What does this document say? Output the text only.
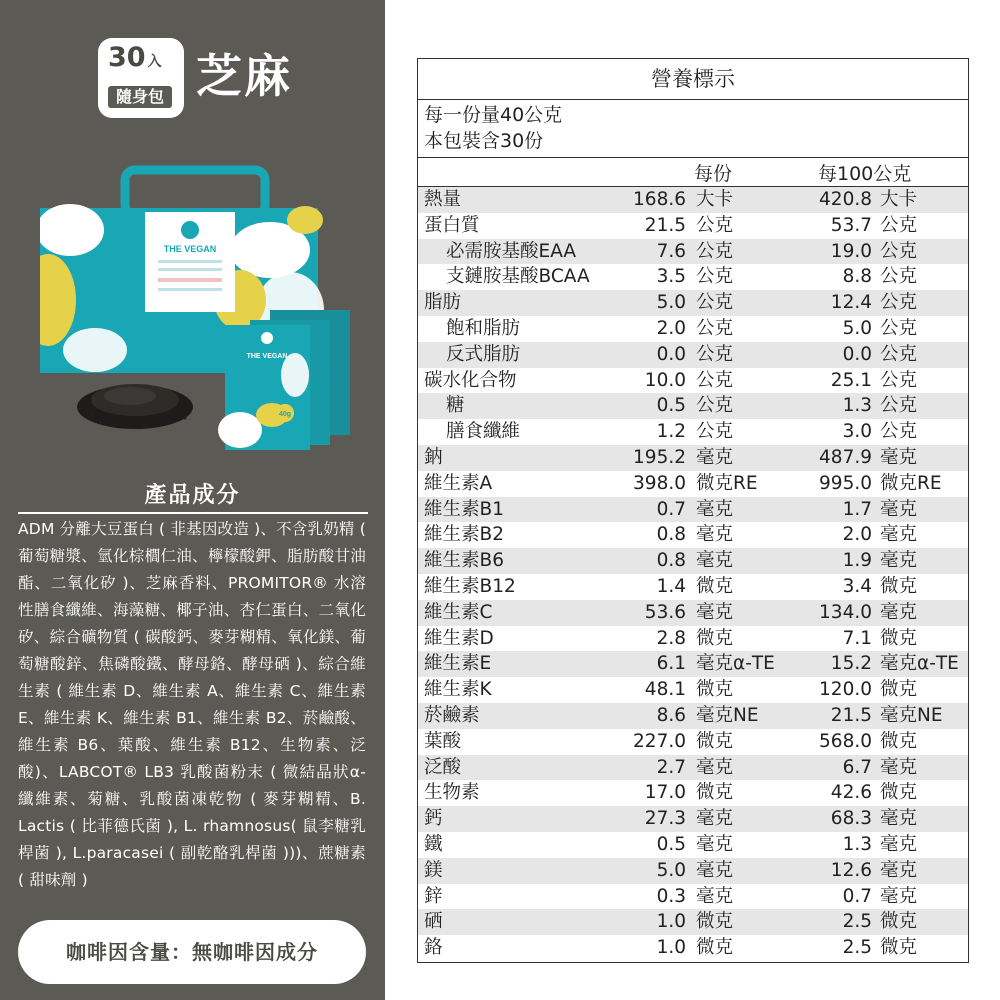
30 入
隨身包 芝麻
THE VEGAN
40g
THE VEGAN
產品成分
ADM 分離大豆蛋白 ( 非基因改造 )、不含乳奶精 ( 葡萄糖漿、氫化棕櫚仁油、檸檬酸鉀、脂肪酸甘油酯、二氧化矽 )、芝麻香料、PROMITOR® 水溶性膳食纖維、海藻糖、椰子油、杏仁蛋白、二氧化矽、綜合礦物質 ( 碳酸鈣、麥芽糊精、氧化鎂、葡萄糖酸鋅、焦磷酸鐵、酵母鉻、酵母硒 )、綜合維生素 ( 維生素 D、維生素 A、維生素 C、維生素 E、維生素 K、維生素 B1、維生素 B2、菸鹼酸、維生素 B6、葉酸、維生素 B12、生物素、泛酸)、LABCOT® LB3 乳酸菌粉末 ( 微結晶狀α- 纖維素、菊糖、乳酸菌凍乾物 ( 麥芽糊精、B. Lactis ( 比菲德氏菌 ), L. rhamnosus( 鼠李糖乳桿菌 ), L.paracasei ( 副乾酪乳桿菌 )))、蔗糖素 ( 甜味劑 )
咖啡因含量：無咖啡因成分
營養標示
每一份量40公克
本包裝含30份
每份	每100公克
熱量	168.6 大卡	420.8 大卡
蛋白質	21.5 公克	53.7 公克
必需胺基酸EAA	7.6 公克	19.0 公克
支鏈胺基酸BCAA	3.5 公克	8.8 公克
脂肪	5.0 公克	12.4 公克
飽和脂肪	2.0 公克	5.0 公克
反式脂肪	0.0 公克	0.0 公克
碳水化合物	10.0 公克	25.1 公克
糖	0.5 公克	1.3 公克
膳食纖維	1.2 公克	3.0 公克
鈉	195.2 毫克	487.9 毫克
維生素A	398.0 微克RE	995.0 微克RE
維生素B1	0.7 毫克	1.7 毫克
維生素B2	0.8 毫克	2.0 毫克
維生素B6	0.8 毫克	1.9 毫克
維生素B12	1.4 微克	3.4 微克
維生素C	53.6 毫克	134.0 毫克
維生素D	2.8 微克	7.1 微克
維生素E	6.1 毫克α-TE	15.2 毫克α-TE
維生素K	48.1 微克	120.0 微克
菸鹼素	8.6 毫克NE	21.5 毫克NE
葉酸	227.0 微克	568.0 微克
泛酸	2.7 毫克	6.7 毫克
生物素	17.0 微克	42.6 微克
鈣	27.3 毫克	68.3 毫克
鐵	0.5 毫克	1.3 毫克
鎂	5.0 毫克	12.6 毫克
鋅	0.3 毫克	0.7 毫克
硒	1.0 微克	2.5 微克
鉻	1.0 微克	2.5 微克
